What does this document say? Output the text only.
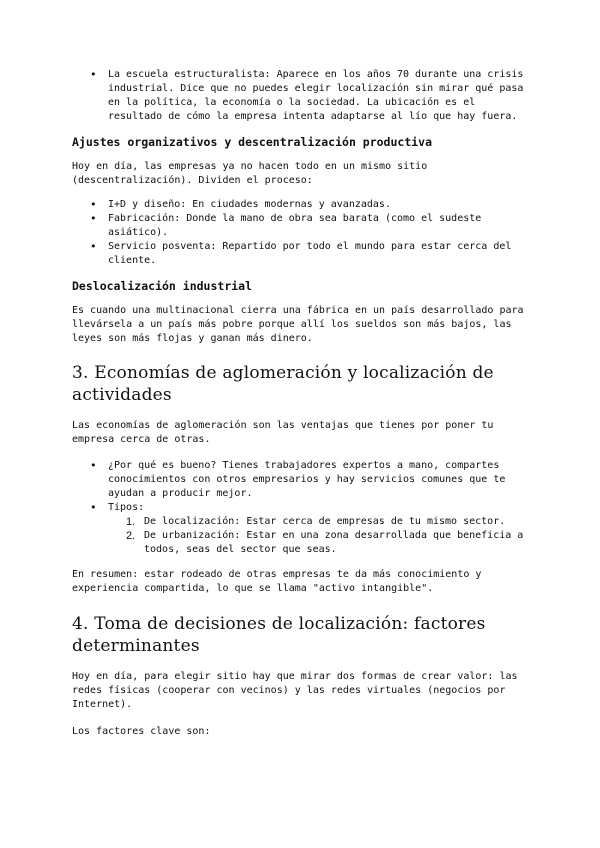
• La escuela estructuralista: Aparece en los años 70 durante una crisis industrial. Dice que no puedes elegir localización sin mirar qué pasa en la política, la economía o la sociedad. La ubicación es el resultado de cómo la empresa intenta adaptarse al lío que hay fuera.
Ajustes organizativos y descentralización productiva

Hoy en día, las empresas ya no hacen todo en un mismo sitio (descentralización). Dividen el proceso:

• I+D y diseño: En ciudades modernas y avanzadas.
• Fabricación: Donde la mano de obra sea barata (como el sudeste asiático).
• Servicio posventa: Repartido por todo el mundo para estar cerca del cliente.
Deslocalización industrial

Es cuando una multinacional cierra una fábrica en un país desarrollado para llevársela a un país más pobre porque allí los sueldos son más bajos, las leyes son más flojas y ganan más dinero.

3. Economías de aglomeración y localización de actividades

Las economías de aglomeración son las ventajas que tienes por poner tu empresa cerca de otras.

• ¿Por qué es bueno? Tienes trabajadores expertos a mano, compartes conocimientos con otros empresarios y hay servicios comunes que te ayudan a producir mejor.
• Tipos:
1. De localización: Estar cerca de empresas de tu mismo sector.
2. De urbanización: Estar en una zona desarrollada que beneficia a todos, seas del sector que seas.

En resumen: estar rodeado de otras empresas te da más conocimiento y experiencia compartida, lo que se llama "activo intangible".

4. Toma de decisiones de localización: factores determinantes

Hoy en día, para elegir sitio hay que mirar dos formas de crear valor: las redes físicas (cooperar con vecinos) y las redes virtuales (negocios por Internet).

Los factores clave son:
